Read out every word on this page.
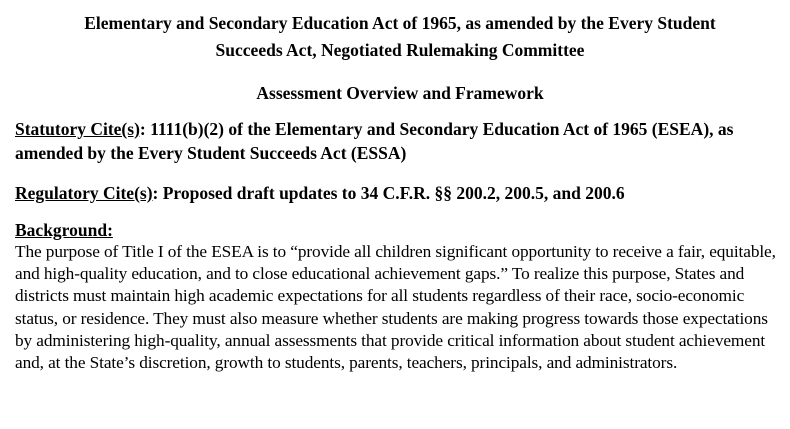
Elementary and Secondary Education Act of 1965, as amended by the Every Student
Succeeds Act, Negotiated Rulemaking Committee
Assessment Overview and Framework

Statutory Cite(s): 1111(b)(2) of the Elementary and Secondary Education Act of 1965 (ESEA), as amended by the Every Student Succeeds Act (ESSA)

Regulatory Cite(s): Proposed draft updates to 34 C.F.R. §§ 200.2, 200.5, and 200.6

Background:

The purpose of Title I of the ESEA is to “provide all children significant opportunity to receive a fair, equitable, and high-quality education, and to close educational achievement gaps.” To realize this purpose, States and districts must maintain high academic expectations for all students regardless of their race, socio-economic status, or residence. They must also measure whether students are making progress towards those expectations by administering high-quality, annual assessments that provide critical information about student achievement and, at the State’s discretion, growth to students, parents, teachers, principals, and administrators.
